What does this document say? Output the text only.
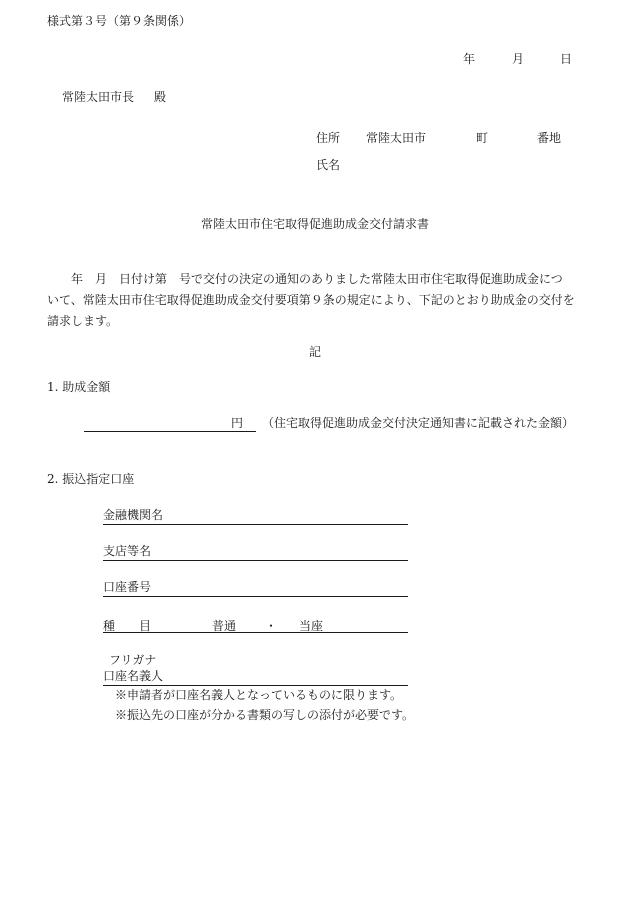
様式第３号（第９条関係）
年	月	日
常陸太田市長 殿
住所 常陸太田市	町	番地
氏名
常陸太田市住宅取得促進助成金交付請求書
年 月 日付け第　号で交付の決定の通知のありました常陸太田市住宅取得促進助成金につ
いて、常陸太田市住宅取得促進助成金交付要項第９条の規定により、下記のとおり助成金の交付を
請求します。
記
1. 助成金額
円 （住宅取得促進助成金交付決定通知書に記載された金額）
2. 振込指定口座
金融機関名
支店等名
口座番号
種　　目	普通 ・ 当座
フリガナ
口座名義人
※申請者が口座名義人となっているものに限ります。
※振込先の口座が分かる書類の写しの添付が必要です。
